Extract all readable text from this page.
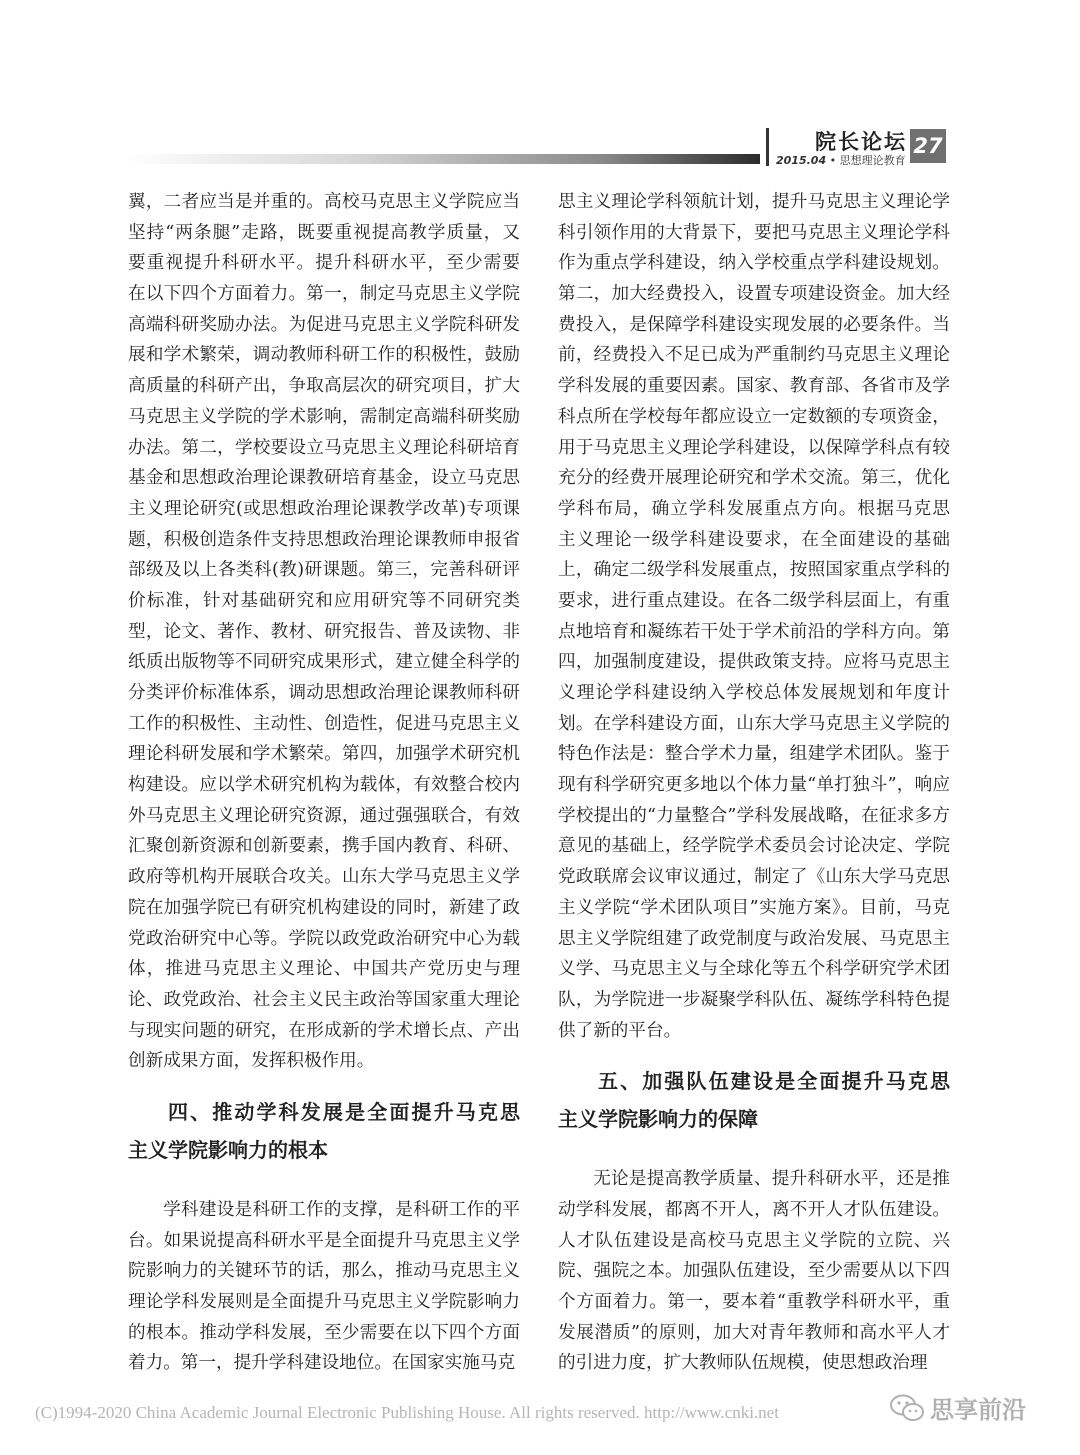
院长论坛
2015.04 • 思想理论教育
27
翼，二者应当是并重的。高校马克思主义学院应当
坚持“两条腿”走路，既要重视提高教学质量，又
要重视提升科研水平。提升科研水平，至少需要
在以下四个方面着力。第一，制定马克思主义学院
高端科研奖励办法。为促进马克思主义学院科研发
展和学术繁荣，调动教师科研工作的积极性，鼓励
高质量的科研产出，争取高层次的研究项目，扩大
马克思主义学院的学术影响，需制定高端科研奖励
办法。第二，学校要设立马克思主义理论科研培育
基金和思想政治理论课教研培育基金，设立马克思
主义理论研究(或思想政治理论课教学改革)专项课
题，积极创造条件支持思想政治理论课教师申报省
部级及以上各类科(教)研课题。第三，完善科研评
价标准，针对基础研究和应用研究等不同研究类
型，论文、著作、教材、研究报告、普及读物、非
纸质出版物等不同研究成果形式，建立健全科学的
分类评价标准体系，调动思想政治理论课教师科研
工作的积极性、主动性、创造性，促进马克思主义
理论科研发展和学术繁荣。第四，加强学术研究机
构建设。应以学术研究机构为载体，有效整合校内
外马克思主义理论研究资源，通过强强联合，有效
汇聚创新资源和创新要素，携手国内教育、科研、
政府等机构开展联合攻关。山东大学马克思主义学
院在加强学院已有研究机构建设的同时，新建了政
党政治研究中心等。学院以政党政治研究中心为载
体，推进马克思主义理论、中国共产党历史与理
论、政党政治、社会主义民主政治等国家重大理论
与现实问题的研究，在形成新的学术增长点、产出
创新成果方面，发挥积极作用。
四、推动学科发展是全面提升马克思
主义学院影响力的根本
学科建设是科研工作的支撑，是科研工作的平
台。如果说提高科研水平是全面提升马克思主义学
院影响力的关键环节的话，那么，推动马克思主义
理论学科发展则是全面提升马克思主义学院影响力
的根本。推动学科发展，至少需要在以下四个方面
着力。第一，提升学科建设地位。在国家实施马克
思主义理论学科领航计划，提升马克思主义理论学
科引领作用的大背景下，要把马克思主义理论学科
作为重点学科建设，纳入学校重点学科建设规划。
第二，加大经费投入，设置专项建设资金。加大经
费投入，是保障学科建设实现发展的必要条件。当
前，经费投入不足已成为严重制约马克思主义理论
学科发展的重要因素。国家、教育部、各省市及学
科点所在学校每年都应设立一定数额的专项资金，
用于马克思主义理论学科建设，以保障学科点有较
充分的经费开展理论研究和学术交流。第三，优化
学科布局，确立学科发展重点方向。根据马克思
主义理论一级学科建设要求，在全面建设的基础
上，确定二级学科发展重点，按照国家重点学科的
要求，进行重点建设。在各二级学科层面上，有重
点地培育和凝练若干处于学术前沿的学科方向。第
四，加强制度建设，提供政策支持。应将马克思主
义理论学科建设纳入学校总体发展规划和年度计
划。在学科建设方面，山东大学马克思主义学院的
特色作法是：整合学术力量，组建学术团队。鉴于
现有科学研究更多地以个体力量“单打独斗”，响应
学校提出的“力量整合”学科发展战略，在征求多方
意见的基础上，经学院学术委员会讨论决定、学院
党政联席会议审议通过，制定了《山东大学马克思
主义学院“学术团队项目”实施方案》。目前，马克
思主义学院组建了政党制度与政治发展、马克思主
义学、马克思主义与全球化等五个科学研究学术团
队，为学院进一步凝聚学科队伍、凝练学科特色提
供了新的平台。
五、加强队伍建设是全面提升马克思
主义学院影响力的保障
无论是提高教学质量、提升科研水平，还是推
动学科发展，都离不开人，离不开人才队伍建设。
人才队伍建设是高校马克思主义学院的立院、兴
院、强院之本。加强队伍建设，至少需要从以下四
个方面着力。第一，要本着“重教学科研水平，重
发展潜质”的原则，加大对青年教师和高水平人才
的引进力度，扩大教师队伍规模，使思想政治理
(C)1994-2020 China Academic Journal Electronic Publishing House. All rights reserved. http://www.cnki.net	思享前沿
